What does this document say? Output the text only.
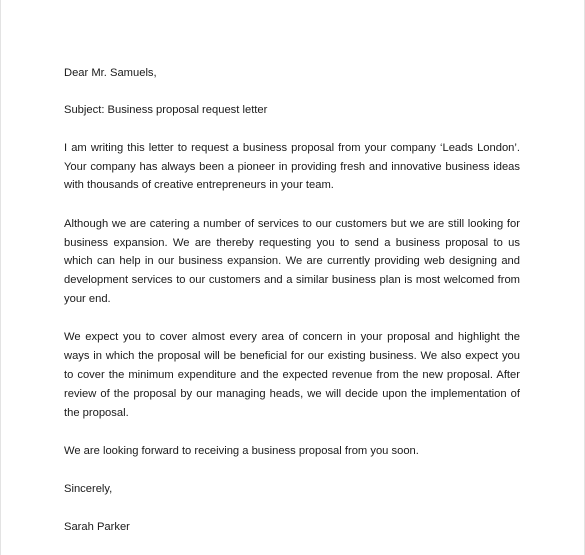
Dear Mr. Samuels,

Subject: Business proposal request letter

I am writing this letter to request a business proposal from your company ‘Leads London’. Your company has always been a pioneer in providing fresh and innovative business ideas with thousands of creative entrepreneurs in your team.

Although we are catering a number of services to our customers but we are still looking for business expansion. We are thereby requesting you to send a business proposal to us which can help in our business expansion. We are currently providing web designing and development services to our customers and a similar business plan is most welcomed from your end.

We expect you to cover almost every area of concern in your proposal and highlight the ways in which the proposal will be beneficial for our existing business. We also expect you to cover the minimum expenditure and the expected revenue from the new proposal. After review of the proposal by our managing heads, we will decide upon the implementation of the proposal.

We are looking forward to receiving a business proposal from you soon.

Sincerely,

Sarah Parker
